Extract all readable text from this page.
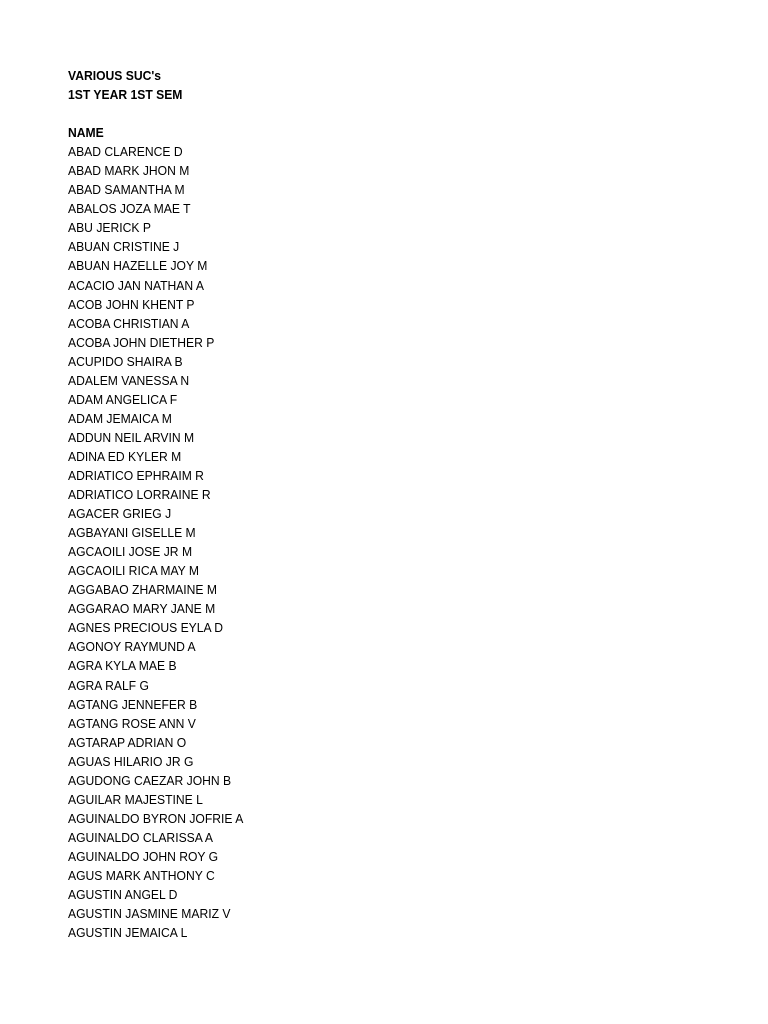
VARIOUS SUC's
1ST YEAR 1ST SEM
NAME
ABAD CLARENCE D
ABAD MARK JHON M
ABAD SAMANTHA M
ABALOS JOZA MAE T
ABU JERICK P
ABUAN CRISTINE J
ABUAN HAZELLE JOY M
ACACIO JAN NATHAN A
ACOB JOHN KHENT P
ACOBA CHRISTIAN A
ACOBA JOHN DIETHER P
ACUPIDO SHAIRA B
ADALEM VANESSA N
ADAM ANGELICA F
ADAM JEMAICA M
ADDUN NEIL ARVIN M
ADINA ED KYLER M
ADRIATICO EPHRAIM R
ADRIATICO LORRAINE R
AGACER GRIEG J
AGBAYANI GISELLE M
AGCAOILI JOSE JR M
AGCAOILI RICA MAY M
AGGABAO ZHARMAINE M
AGGARAO MARY JANE M
AGNES PRECIOUS EYLA D
AGONOY RAYMUND A
AGRA KYLA MAE B
AGRA RALF G
AGTANG JENNEFER B
AGTANG ROSE ANN V
AGTARAP ADRIAN O
AGUAS HILARIO JR G
AGUDONG CAEZAR JOHN B
AGUILAR MAJESTINE L
AGUINALDO BYRON JOFRIE A
AGUINALDO CLARISSA A
AGUINALDO JOHN ROY G
AGUS MARK ANTHONY C
AGUSTIN ANGEL D
AGUSTIN JASMINE MARIZ V
AGUSTIN JEMAICA L
